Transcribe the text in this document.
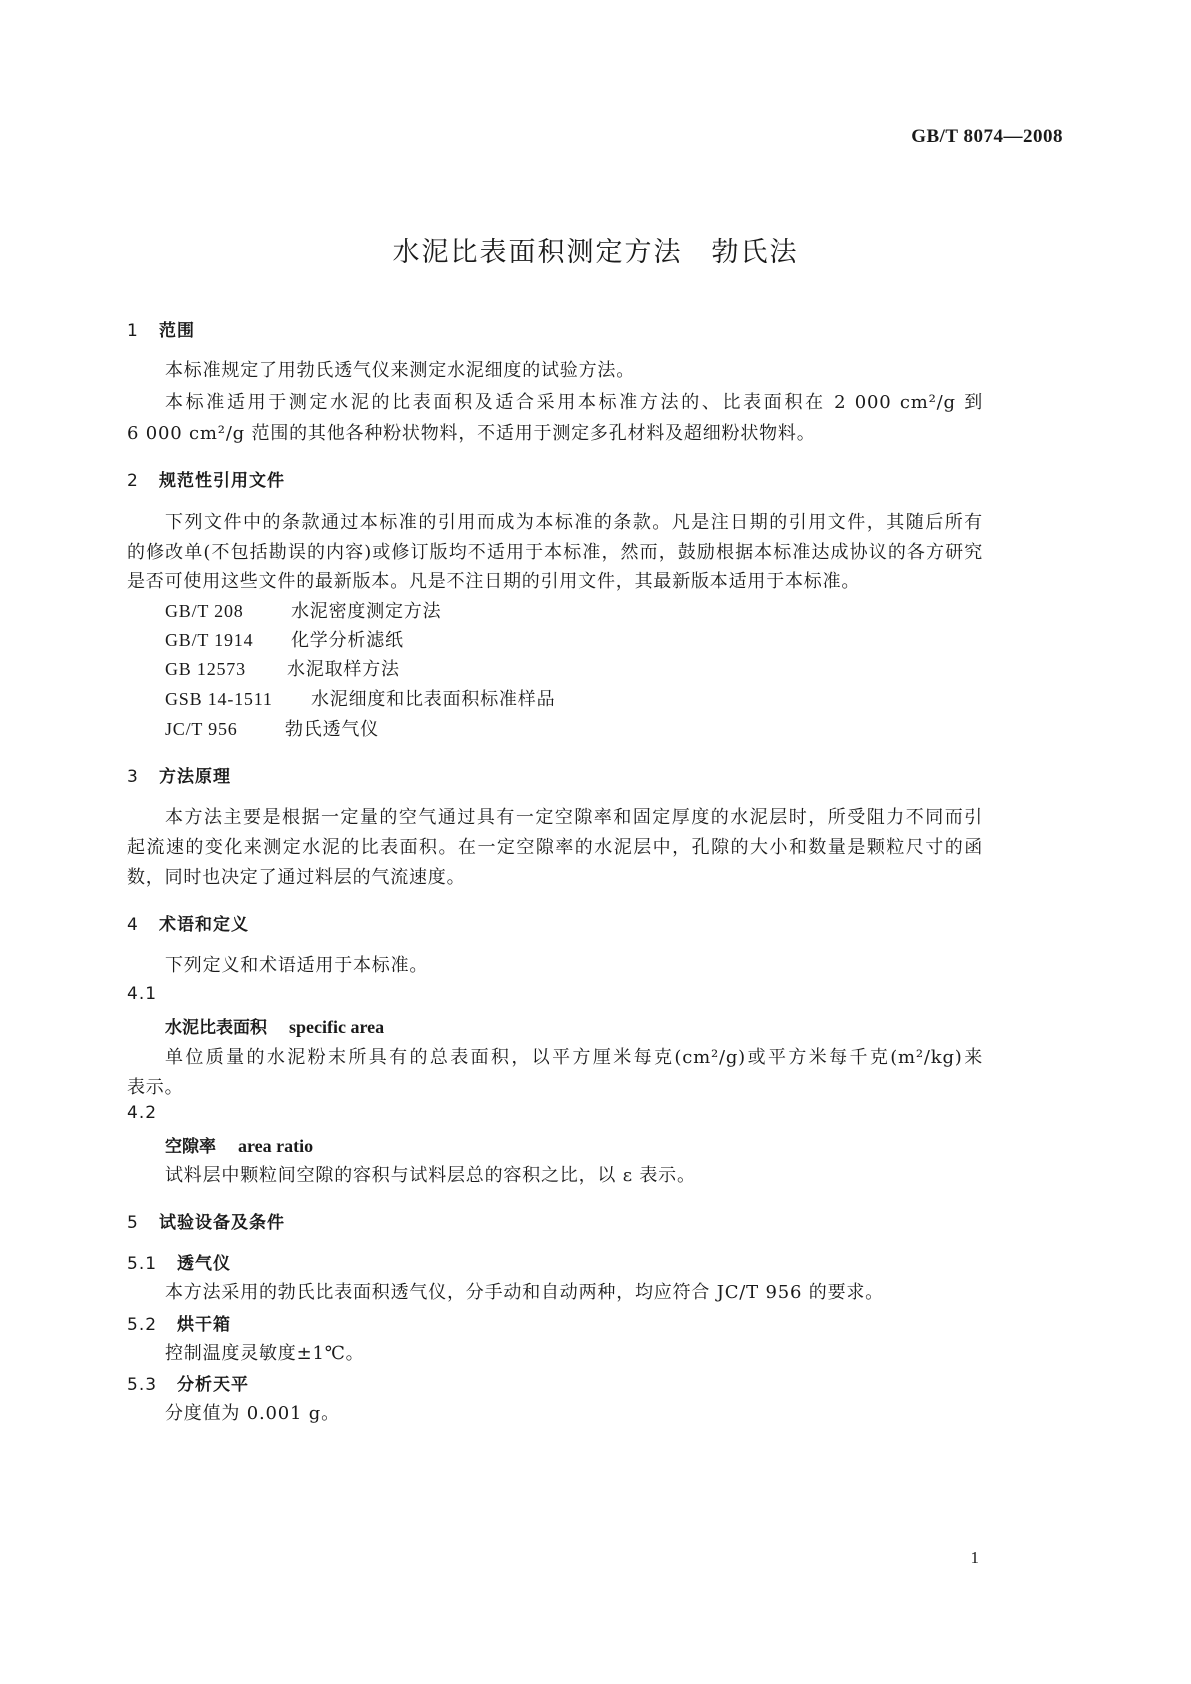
GB/T 8074—2008
水泥比表面积测定方法　勃氏法
1 范围
本标准规定了用勃氏透气仪来测定水泥细度的试验方法。
本标准适用于测定水泥的比表面积及适合采用本标准方法的、比表面积在 2 000 cm²/g 到
6 000 cm²/g 范围的其他各种粉状物料，不适用于测定多孔材料及超细粉状物料。
2 规范性引用文件
下列文件中的条款通过本标准的引用而成为本标准的条款。凡是注日期的引用文件，其随后所有
的修改单(不包括勘误的内容)或修订版均不适用于本标准，然而，鼓励根据本标准达成协议的各方研究
是否可使用这些文件的最新版本。凡是不注日期的引用文件，其最新版本适用于本标准。
GB/T 208	水泥密度测定方法
GB/T 1914 化学分析滤纸
GB 12573 水泥取样方法
GSB 14-1511 水泥细度和比表面积标准样品
JC/T 956	勃氏透气仪
3 方法原理
本方法主要是根据一定量的空气通过具有一定空隙率和固定厚度的水泥层时，所受阻力不同而引
起流速的变化来测定水泥的比表面积。在一定空隙率的水泥层中，孔隙的大小和数量是颗粒尺寸的函
数，同时也决定了通过料层的气流速度。
4 术语和定义
下列定义和术语适用于本标准。
4.1
水泥比表面积 specific area
单位质量的水泥粉末所具有的总表面积，以平方厘米每克(cm²/g)或平方米每千克(m²/kg)来
表示。
4.2
空隙率 area ratio
试料层中颗粒间空隙的容积与试料层总的容积之比，以 ε 表示。
5 试验设备及条件
5.1 透气仪
本方法采用的勃氏比表面积透气仪，分手动和自动两种，均应符合 JC/T 956 的要求。
5.2 烘干箱
控制温度灵敏度±1℃。
5.3 分析天平
分度值为 0.001 g。
1
